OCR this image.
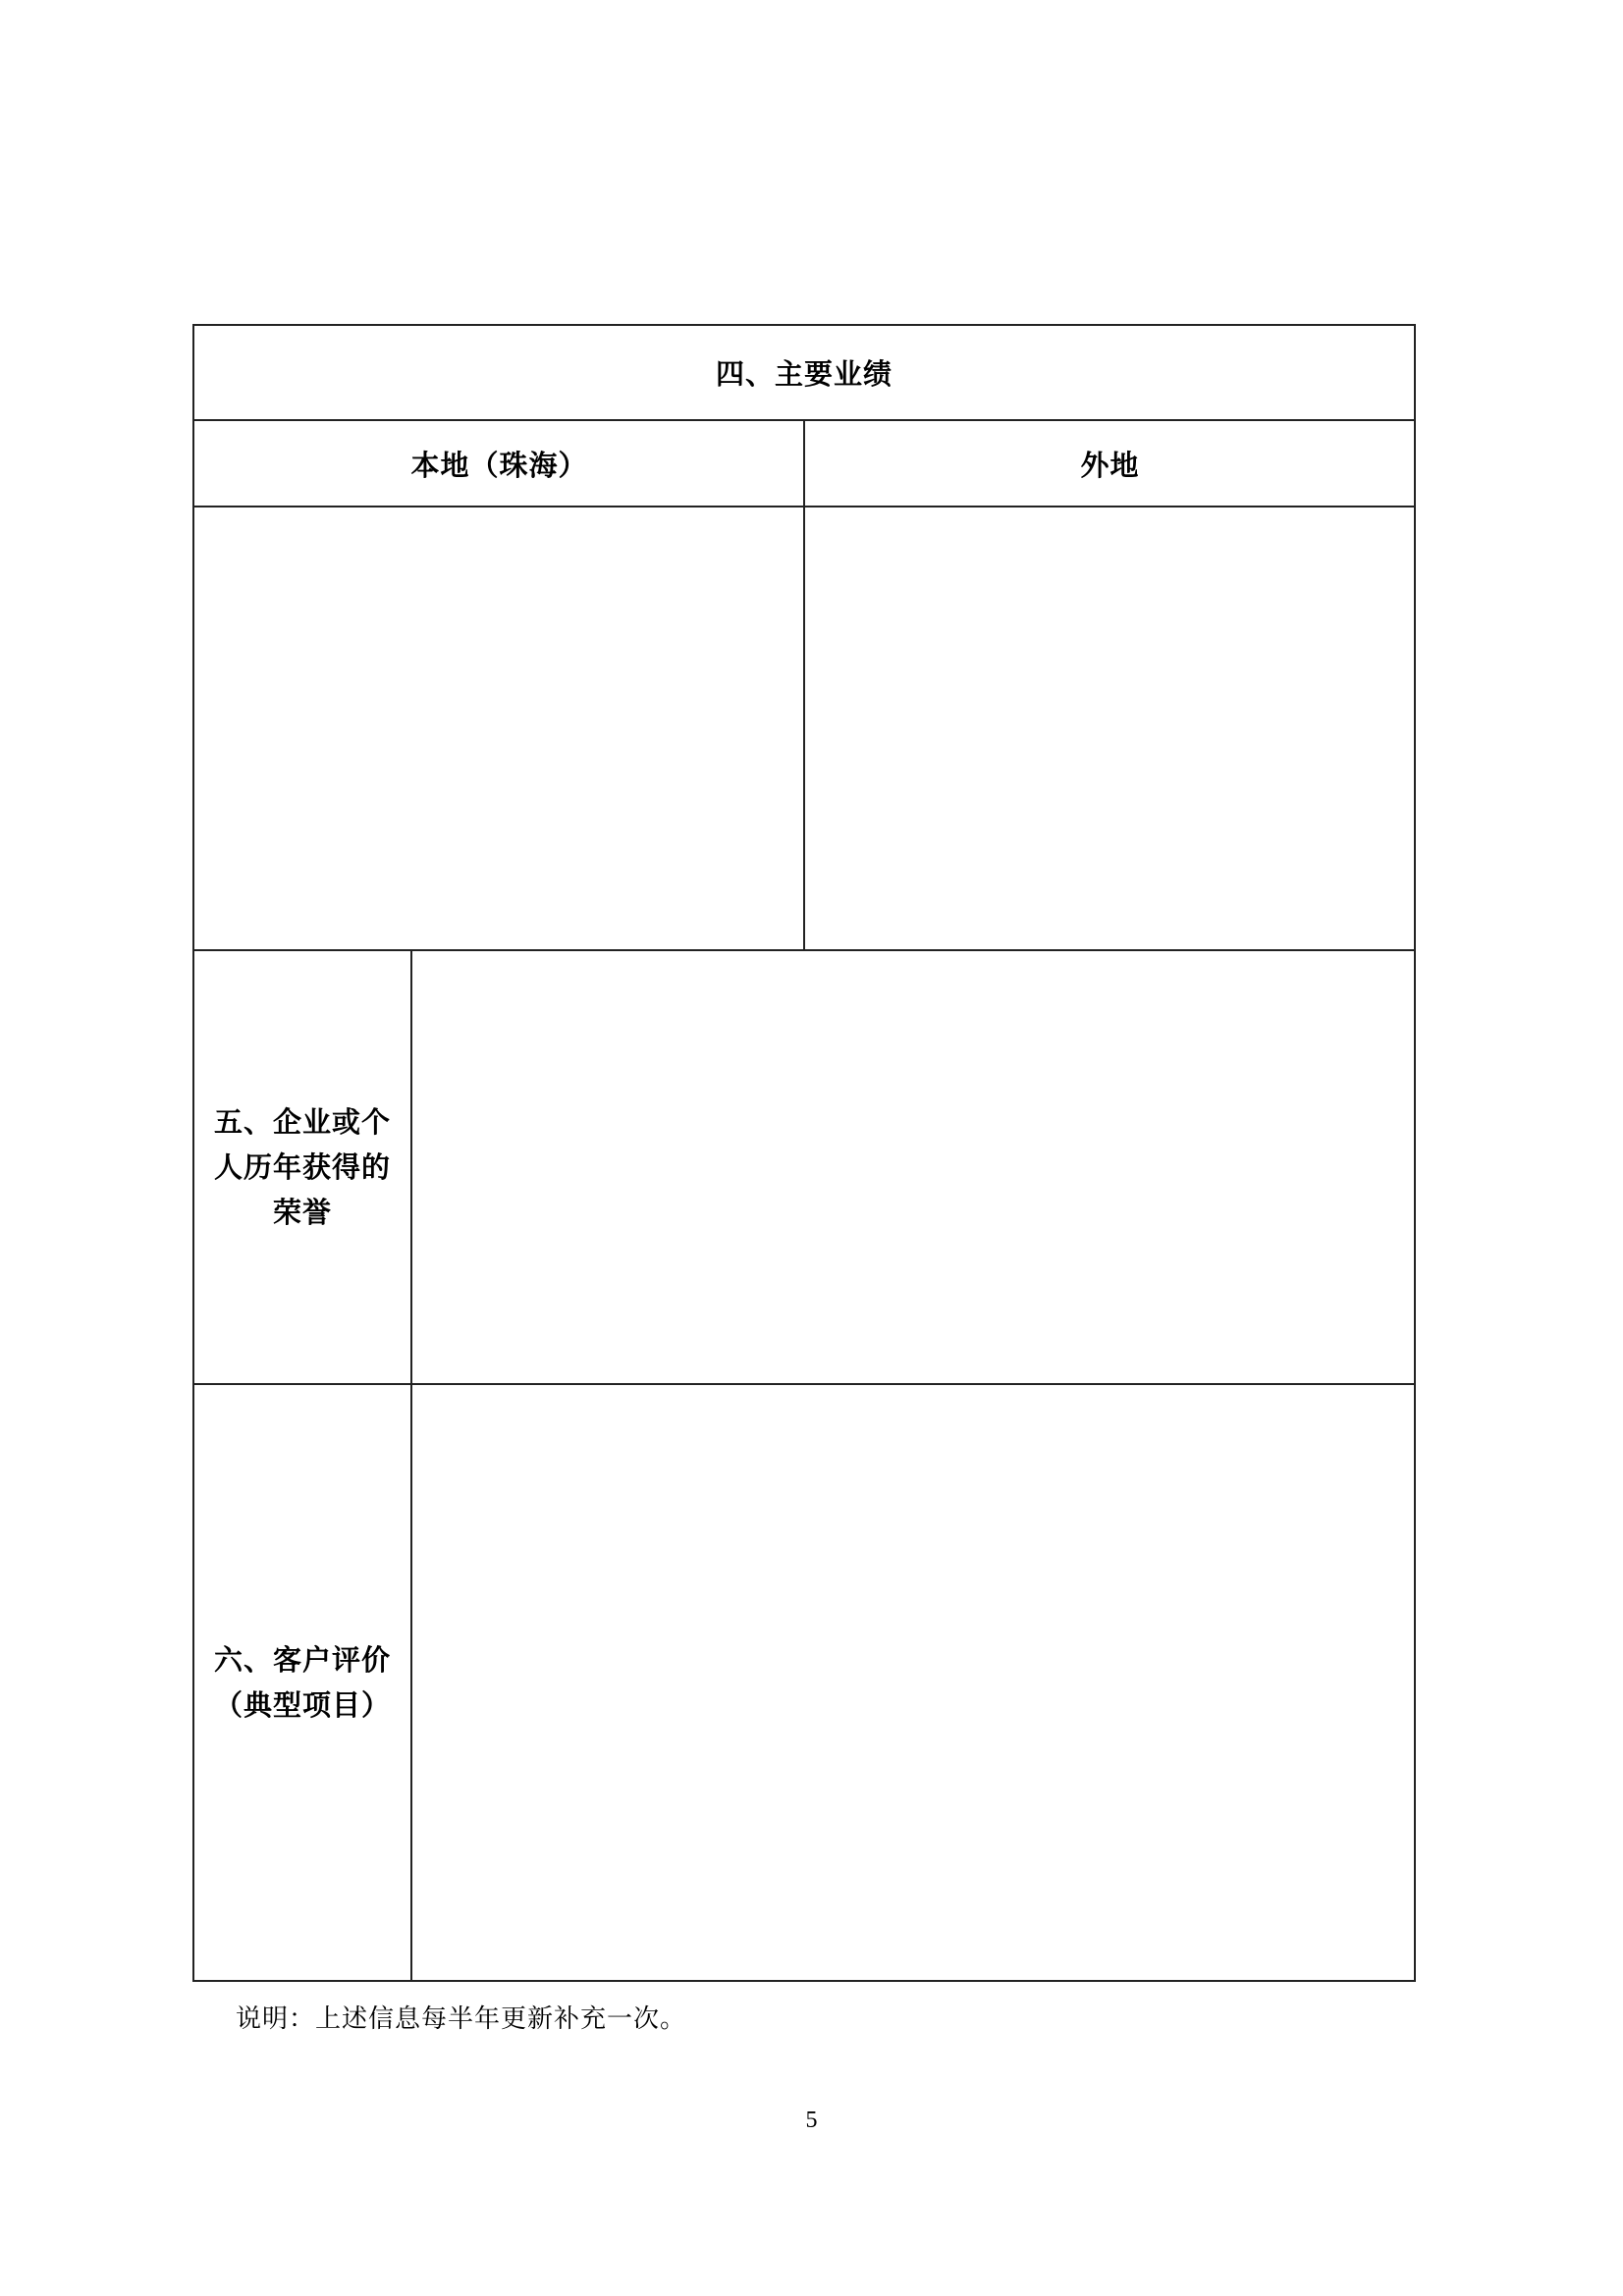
四、主要业绩
本地（珠海）	外地
五、企业或个
人历年获得的
荣誉
六、客户评价
（典型项目）
说明：上述信息每半年更新补充一次。
5
